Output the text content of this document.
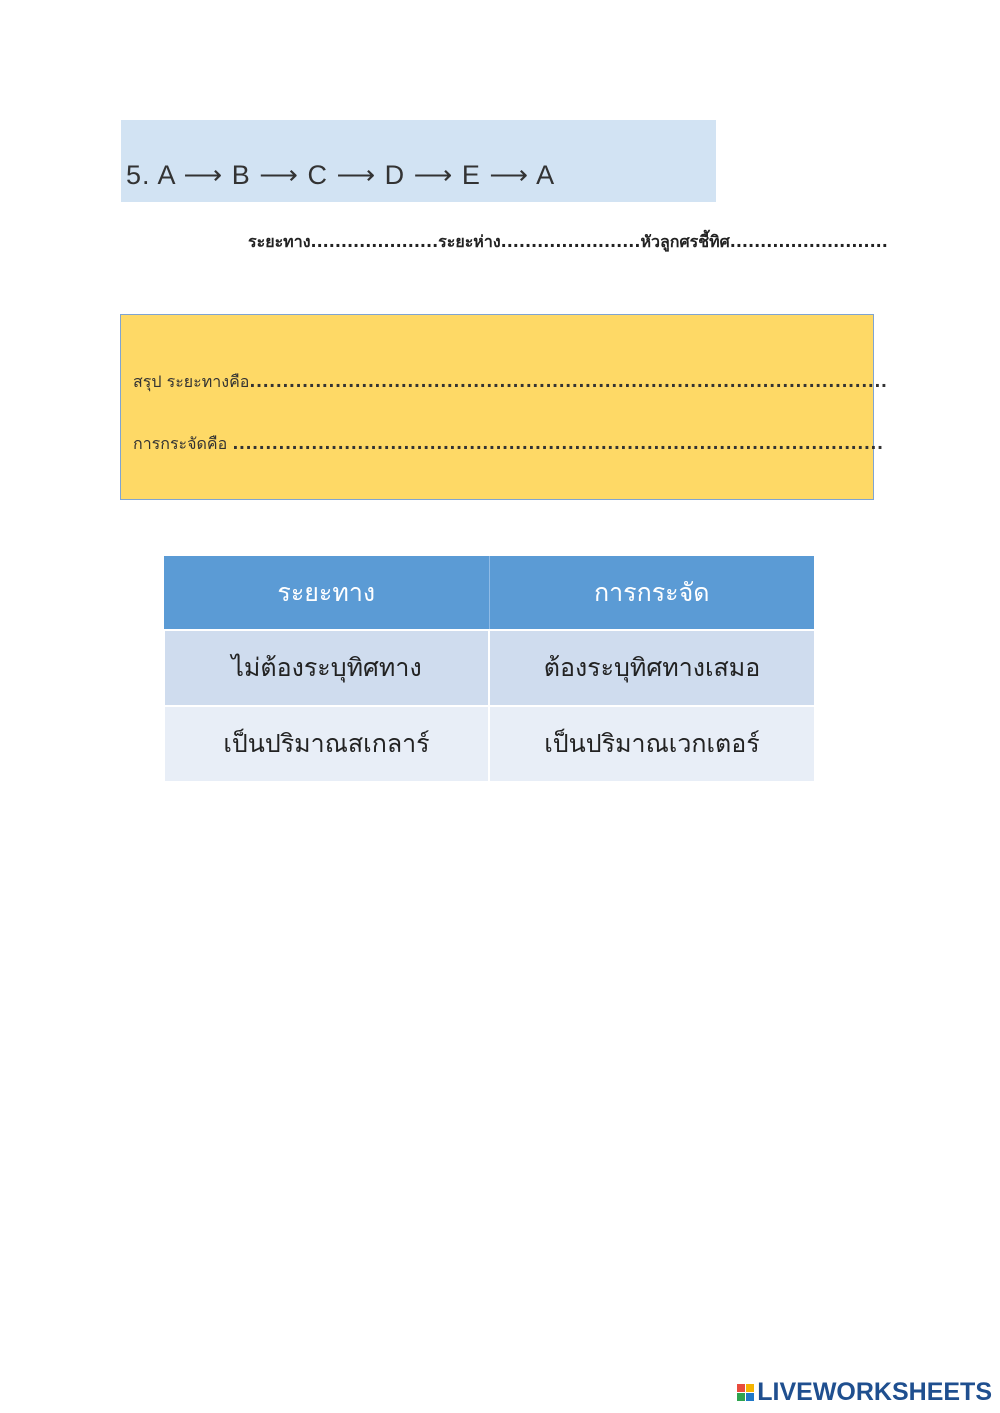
5. A ⟶ B ⟶ C ⟶ D ⟶ E ⟶ A
ระยะทาง.....................ระยะห่าง.......................หัวลูกศรชี้ทิศ..........................
สรุป ระยะทางคือ.................................................................................................
การกระจัดคือ ...................................................................................................
ระยะทาง	การกระจัด
ไม่ต้องระบุทิศทาง	ต้องระบุทิศทางเสมอ
เป็นปริมาณสเกลาร์	เป็นปริมาณเวกเตอร์
LIVEWORKSHEETS
